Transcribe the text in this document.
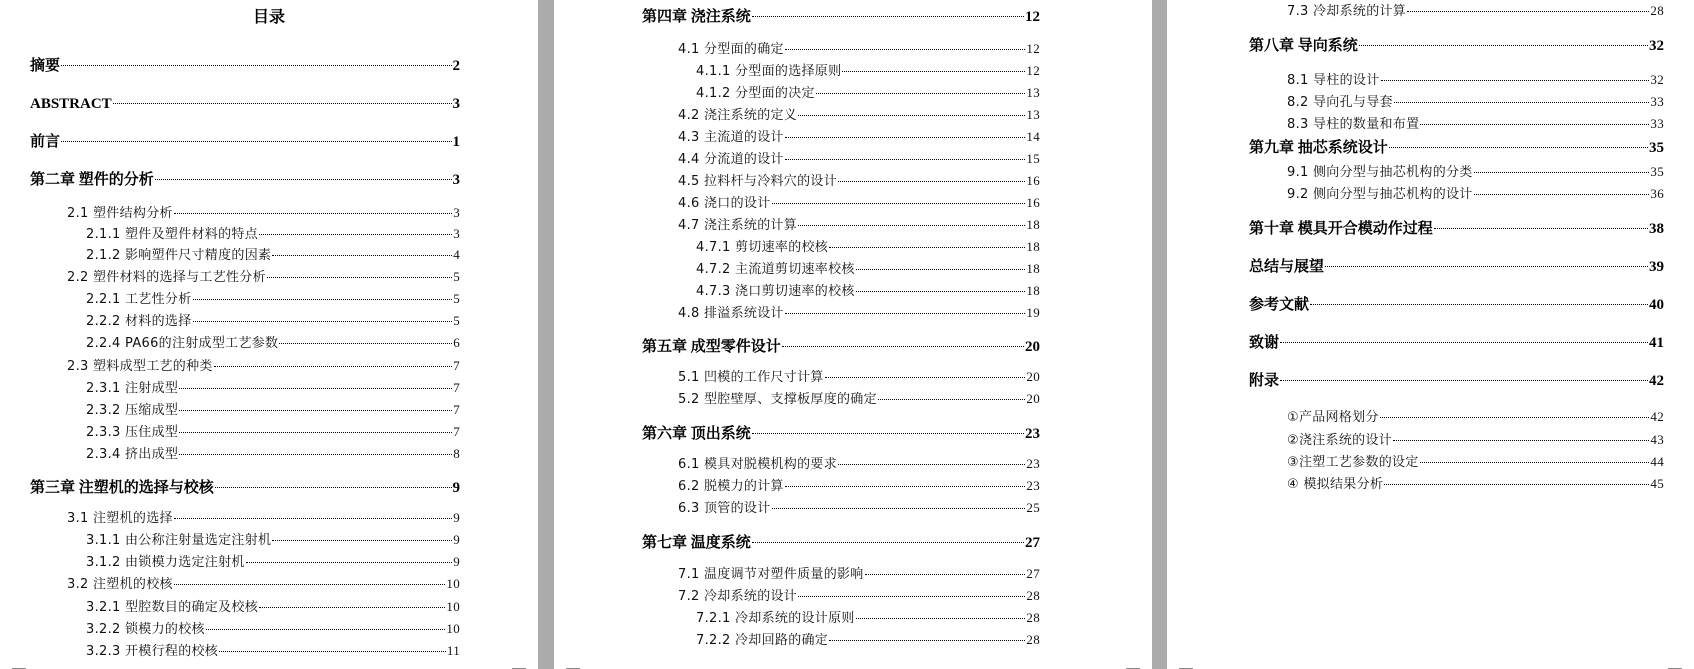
目录
摘要	2
ABSTRACT	3
前言	1
第二章 塑件的分析	3
2.1 塑件结构分析	3
2.1.1 塑件及塑件材料的特点	3
2.1.2 影响塑件尺寸精度的因素	4
2.2 塑件材料的选择与工艺性分析	5
2.2.1 工艺性分析	5
2.2.2 材料的选择	5
2.2.4 PA66的注射成型工艺参数	6
2.3 塑料成型工艺的种类	7
2.3.1 注射成型	7
2.3.2 压缩成型	7
2.3.3 压住成型	7
2.3.4 挤出成型	8
第三章 注塑机的选择与校核	9
3.1 注塑机的选择	9
3.1.1 由公称注射量选定注射机	9
3.1.2 由锁模力选定注射机	9
3.2 注塑机的校核	10
3.2.1 型腔数目的确定及校核	10
3.2.2 锁模力的校核	10
3.2.3 开模行程的校核	11
第四章 浇注系统	12
4.1 分型面的确定	12
4.1.1 分型面的选择原则	12
4.1.2 分型面的决定	13
4.2 浇注系统的定义	13
4.3 主流道的设计	14
4.4 分流道的设计	15
4.5 拉料杆与冷料穴的设计	16
4.6 浇口的设计	16
4.7 浇注系统的计算	18
4.7.1 剪切速率的校核	18
4.7.2 主流道剪切速率校核	18
4.7.3 浇口剪切速率的校核	18
4.8 排溢系统设计	19
第五章 成型零件设计	20
5.1 凹模的工作尺寸计算	20
5.2 型腔壁厚、支撑板厚度的确定	20
第六章 顶出系统	23
6.1 模具对脱模机构的要求	23
6.2 脱模力的计算	23
6.3 顶管的设计	25
第七章 温度系统	27
7.1 温度调节对塑件质量的影响	27
7.2 冷却系统的设计	28
7.2.1 冷却系统的设计原则	28
7.2.2 冷却回路的确定	28
7.3 冷却系统的计算	28
第八章 导向系统	32
8.1 导柱的设计	32
8.2 导向孔与导套	33
8.3 导柱的数量和布置	33
第九章 抽芯系统设计	35
9.1 侧向分型与抽芯机构的分类	35
9.2 侧向分型与抽芯机构的设计	36
第十章 模具开合模动作过程	38
总结与展望	39
参考文献	40
致谢	41
附录	42
①产品网格划分	42
②浇注系统的设计	43
③注塑工艺参数的设定	44
④ 模拟结果分析	45
